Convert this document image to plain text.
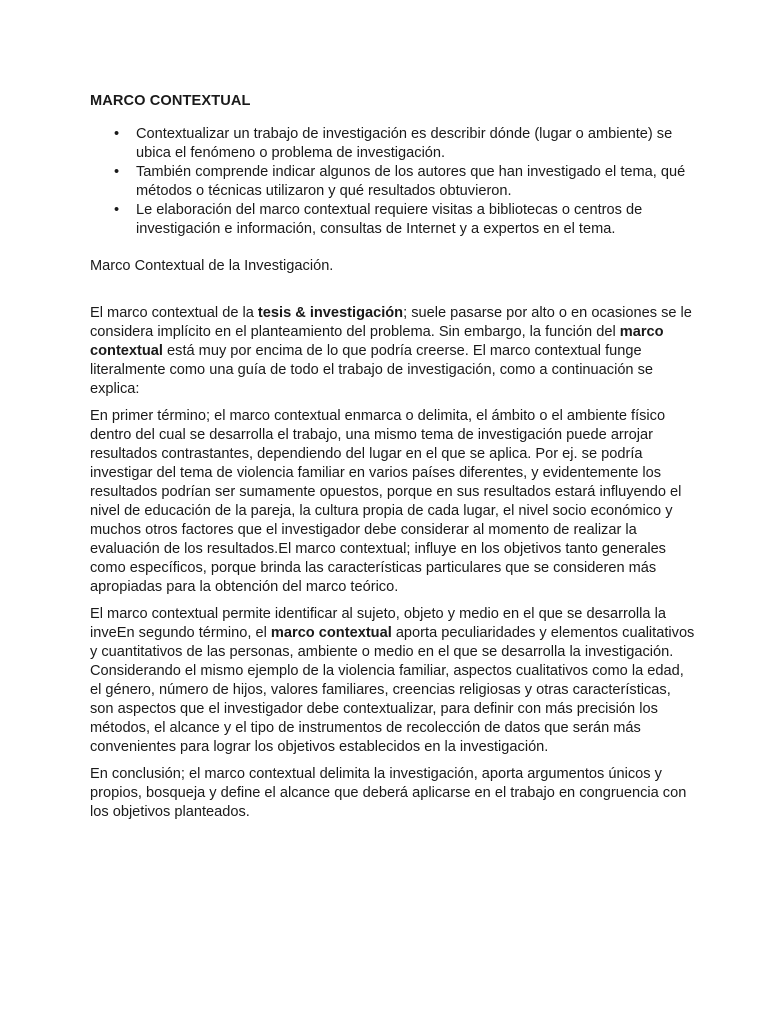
MARCO CONTEXTUAL
• Contextualizar un trabajo de investigación es describir dónde (lugar o ambiente) se ubica el fenómeno o problema de investigación.
• También comprende indicar algunos de los autores que han investigado el tema, qué métodos o técnicas utilizaron y qué resultados obtuvieron.
• Le elaboración del marco contextual requiere visitas a bibliotecas o centros de investigación e información, consultas de Internet y a expertos en el tema.
Marco Contextual de la Investigación.

El marco contextual de la tesis & investigación; suele pasarse por alto o en ocasiones se le considera implícito en el planteamiento del problema. Sin embargo, la función del marco contextual está muy por encima de lo que podría creerse. El marco contextual funge literalmente como una guía de todo el trabajo de investigación, como a continuación se explica:

En primer término; el marco contextual enmarca o delimita, el ámbito o el ambiente físico dentro del cual se desarrolla el trabajo, una mismo tema de investigación puede arrojar resultados contrastantes, dependiendo del lugar en el que se aplica. Por ej. se podría investigar del tema de violencia familiar en varios países diferentes, y evidentemente los resultados podrían ser sumamente opuestos, porque en sus resultados estará influyendo el nivel de educación de la pareja, la cultura propia de cada lugar, el nivel socio económico y muchos otros factores que el investigador debe considerar al momento de realizar la evaluación de los resultados.El marco contextual; influye en los objetivos tanto generales como específicos, porque brinda las características particulares que se consideren más apropiadas para la obtención del marco teórico.

El marco contextual permite identificar al sujeto, objeto y medio en el que se desarrolla la inveEn segundo término, el marco contextual aporta peculiaridades y elementos cualitativos y cuantitativos de las personas, ambiente o medio en el que se desarrolla la investigación. Considerando el mismo ejemplo de la violencia familiar, aspectos cualitativos como la edad, el género, número de hijos, valores familiares, creencias religiosas y otras características, son aspectos que el investigador debe contextualizar, para definir con más precisión los métodos, el alcance y el tipo de instrumentos de recolección de datos que serán más convenientes para lograr los objetivos establecidos en la investigación.

En conclusión; el marco contextual delimita la investigación, aporta argumentos únicos y propios, bosqueja y define el alcance que deberá aplicarse en el trabajo en congruencia con los objetivos planteados.
